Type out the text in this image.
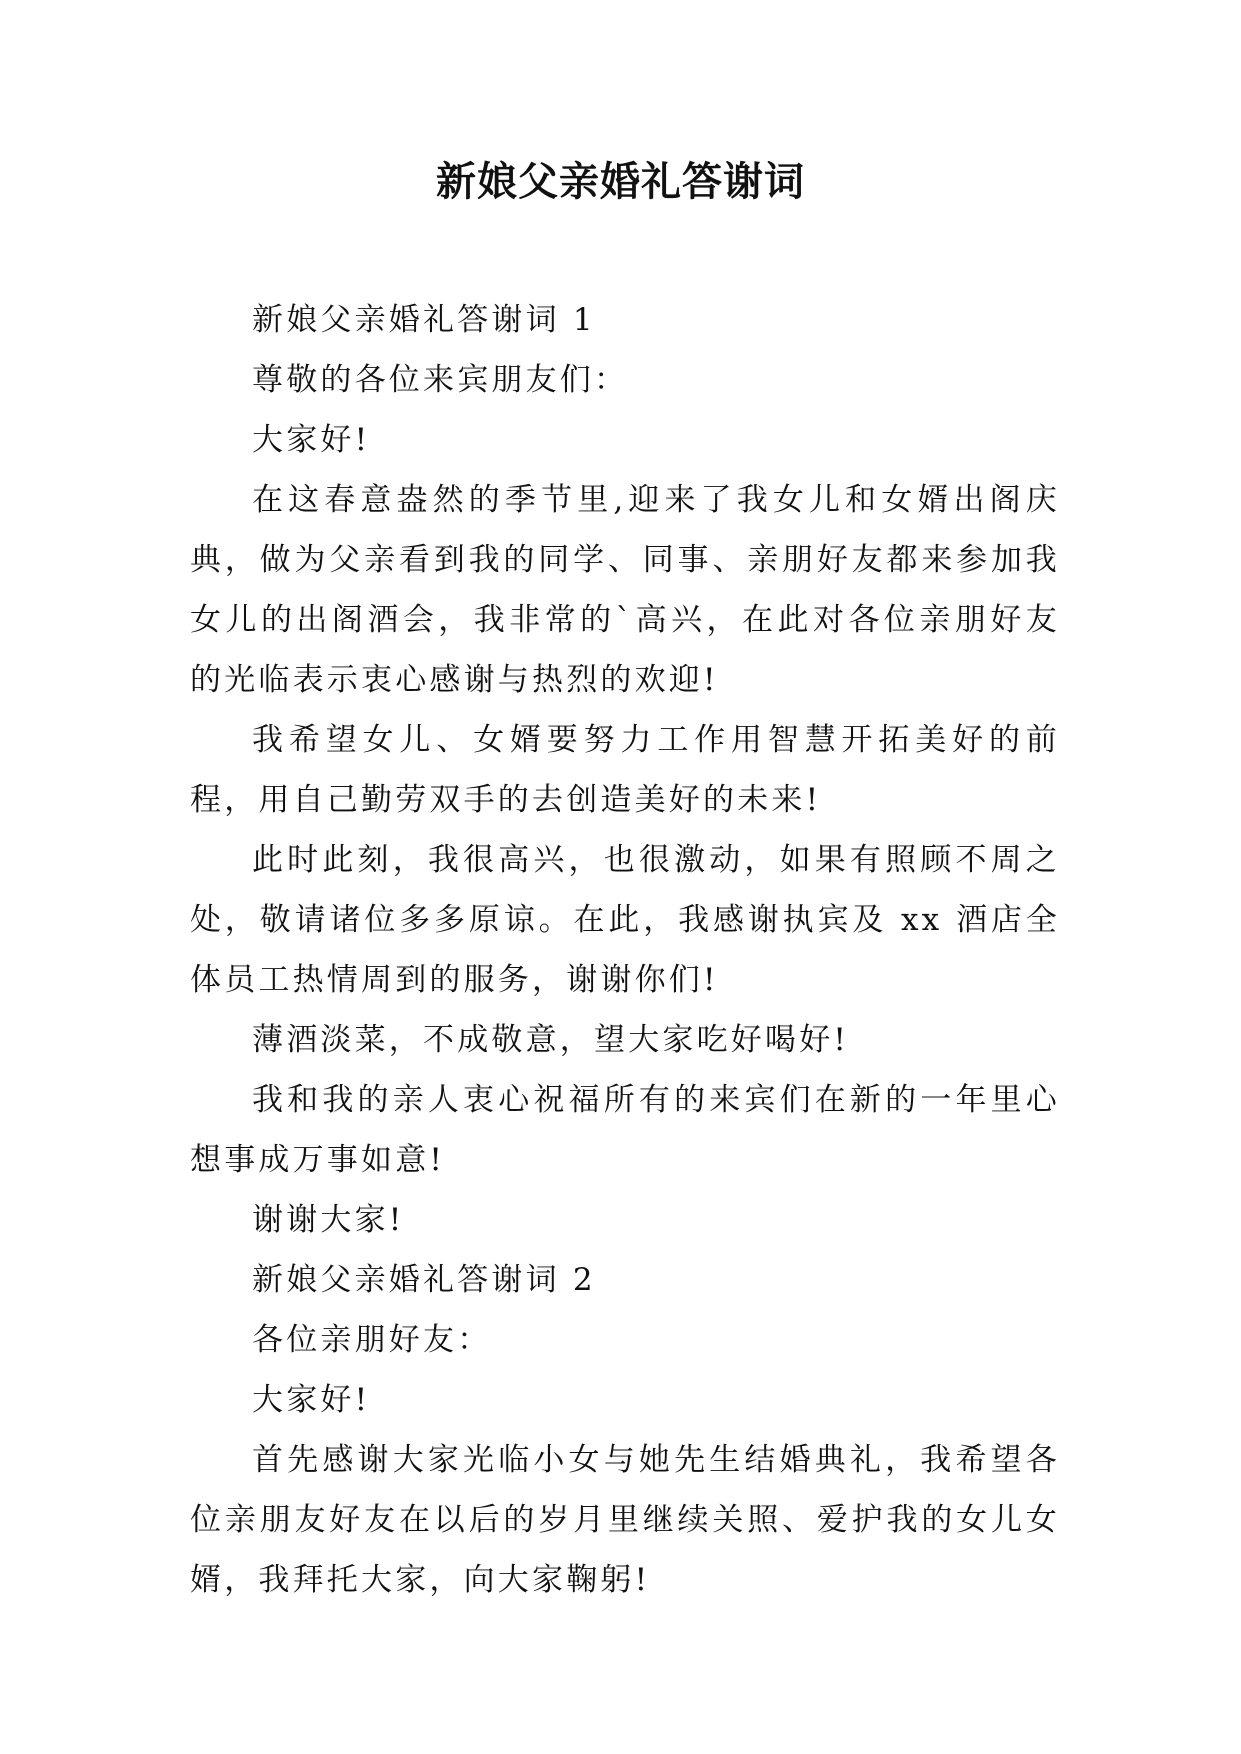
新娘父亲婚礼答谢词

新娘父亲婚礼答谢词 1

尊敬的各位来宾朋友们：

大家好!

在这春意盎然的季节里,迎来了我女儿和女婿出阁庆典，做为父亲看到我的同学、同事、亲朋好友都来参加我女儿的出阁酒会，我非常的`高兴，在此对各位亲朋好友的光临表示衷心感谢与热烈的欢迎!

我希望女儿、女婿要努力工作用智慧开拓美好的前程，用自己勤劳双手的去创造美好的未来!

此时此刻，我很高兴，也很激动，如果有照顾不周之处，敬请诸位多多原谅。在此，我感谢执宾及 xx 酒店全体员工热情周到的服务，谢谢你们!

薄酒淡菜，不成敬意，望大家吃好喝好!

我和我的亲人衷心祝福所有的来宾们在新的一年里心想事成万事如意!

谢谢大家!

新娘父亲婚礼答谢词 2

各位亲朋好友：

大家好!

首先感谢大家光临小女与她先生结婚典礼，我希望各位亲朋友好友在以后的岁月里继续关照、爱护我的女儿女婿，我拜托大家，向大家鞠躬!
